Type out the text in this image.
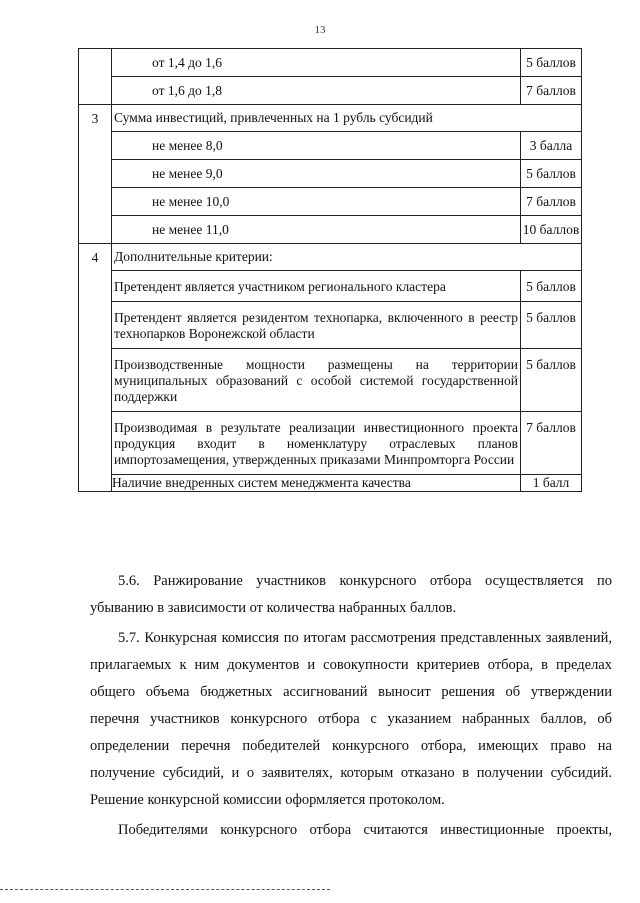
13
	от 1,4 до 1,6	5 баллов
	от 1,6 до 1,8	7 баллов
3	Сумма инвестиций, привлеченных на 1 рубль субсидий	
	не менее 8,0	3 балла
	не менее 9,0	5 баллов
	не менее 10,0	7 баллов
	не менее 11,0	10 баллов
4	Дополнительные критерии:	
	Претендент является участником регионального кластера	5 баллов
	Претендент является резидентом технопарка, включенного в реестр технопарков Воронежской области	5 баллов
	Производственные мощности размещены на территории муниципальных образований с особой системой государственной поддержки	5 баллов
	Производимая в результате реализации инвестиционного проекта продукция входит в номенклатуру отраслевых планов импортозамещения, утвержденных приказами Минпромторга России	7 баллов
	Наличие внедренных систем менеджмента качества	1 балл

5.6. Ранжирование участников конкурсного отбора осуществляется по убыванию в зависимости от количества набранных баллов.

5.7. Конкурсная комиссия по итогам рассмотрения представленных заявлений, прилагаемых к ним документов и совокупности критериев отбора, в пределах общего объема бюджетных ассигнований выносит решения об утверждении перечня участников конкурсного отбора с указанием набранных баллов, об определении перечня победителей конкурсного отбора, имеющих право на получение субсидий, и о заявителях, которым отказано в получении субсидий. Решение конкурсной комиссии оформляется протоколом.

Победителями конкурсного отбора считаются инвестиционные проекты,
